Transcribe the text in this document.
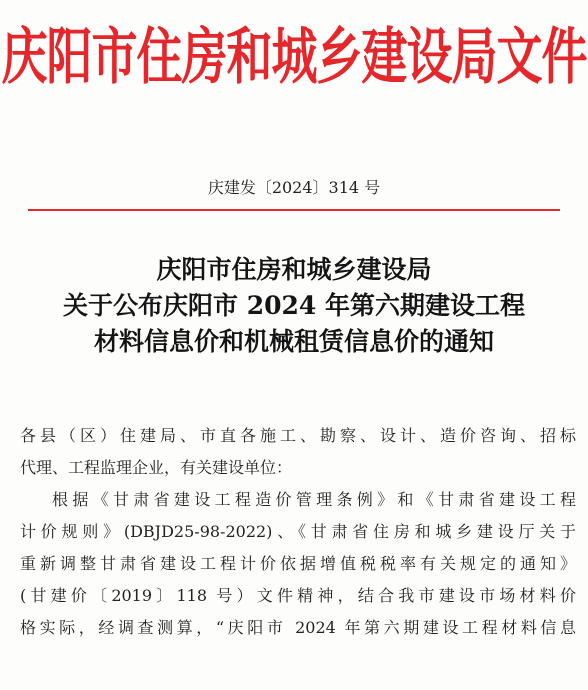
庆阳市住房和城乡建设局文件
庆建发〔2024〕314 号
庆阳市住房和城乡建设局
关于公布庆阳市 2024 年第六期建设工程
材料信息价和机械租赁信息价的通知
各县（区）住建局、市直各施工、勘察、设计、造价咨询、招标
代理、工程监理企业，有关建设单位：
根据《甘肃省建设工程造价管理条例》和《甘肃省建设工程
计价规则》(DBJD25-98-2022)、《甘肃省住房和城乡建设厅关于
重新调整甘肃省建设工程计价依据增值税税率有关规定的通知》
(甘建价〔2019〕118 号）文件精神，结合我市建设市场材料价
格实际，经调查测算，“庆阳市 2024 年第六期建设工程材料信息
